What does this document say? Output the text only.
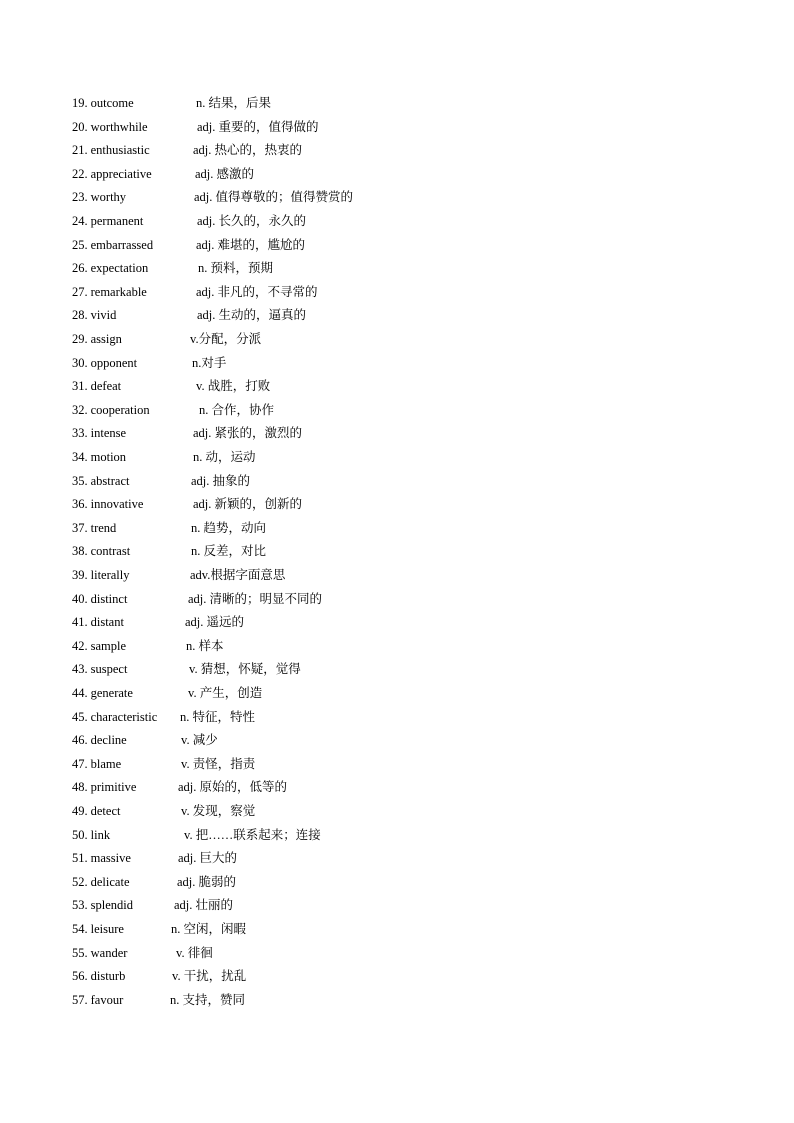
19. outcome	n. 结果，后果
20. worthwhile	adj. 重要的，值得做的
21. enthusiastic	adj. 热心的，热衷的
22. appreciative	adj. 感激的
23. worthy	adj. 值得尊敬的；值得赞赏的
24. permanent	adj. 长久的，永久的
25. embarrassed	adj. 难堪的，尴尬的
26. expectation	n. 预料，预期
27. remarkable	adj. 非凡的，不寻常的
28. vivid	adj. 生动的，逼真的
29. assign	v.分配，分派
30. opponent	n.对手
31. defeat	v. 战胜，打败
32. cooperation	n. 合作，协作
33. intense	adj. 紧张的，激烈的
34. motion	n. 动，运动
35. abstract	adj. 抽象的
36. innovative	adj. 新颖的，创新的
37. trend	n. 趋势，动向
38. contrast	n. 反差，对比
39. literally	adv.根据字面意思
40. distinct	adj. 清晰的；明显不同的
41. distant	adj. 遥远的
42. sample	n. 样本
43. suspect	v. 猜想，怀疑，觉得
44. generate	v. 产生，创造
45. characteristic n. 特征，特性
46. decline	v. 减少
47. blame	v. 责怪，指责
48. primitive	adj. 原始的，低等的
49. detect	v. 发现，察觉
50. link	v. 把……联系起来；连接
51. massive	adj. 巨大的
52. delicate	adj. 脆弱的
53. splendid	adj. 壮丽的
54. leisure	n. 空闲，闲暇
55. wander	v. 徘徊
56. disturb	v. 干扰，扰乱
57. favour	n. 支持，赞同
